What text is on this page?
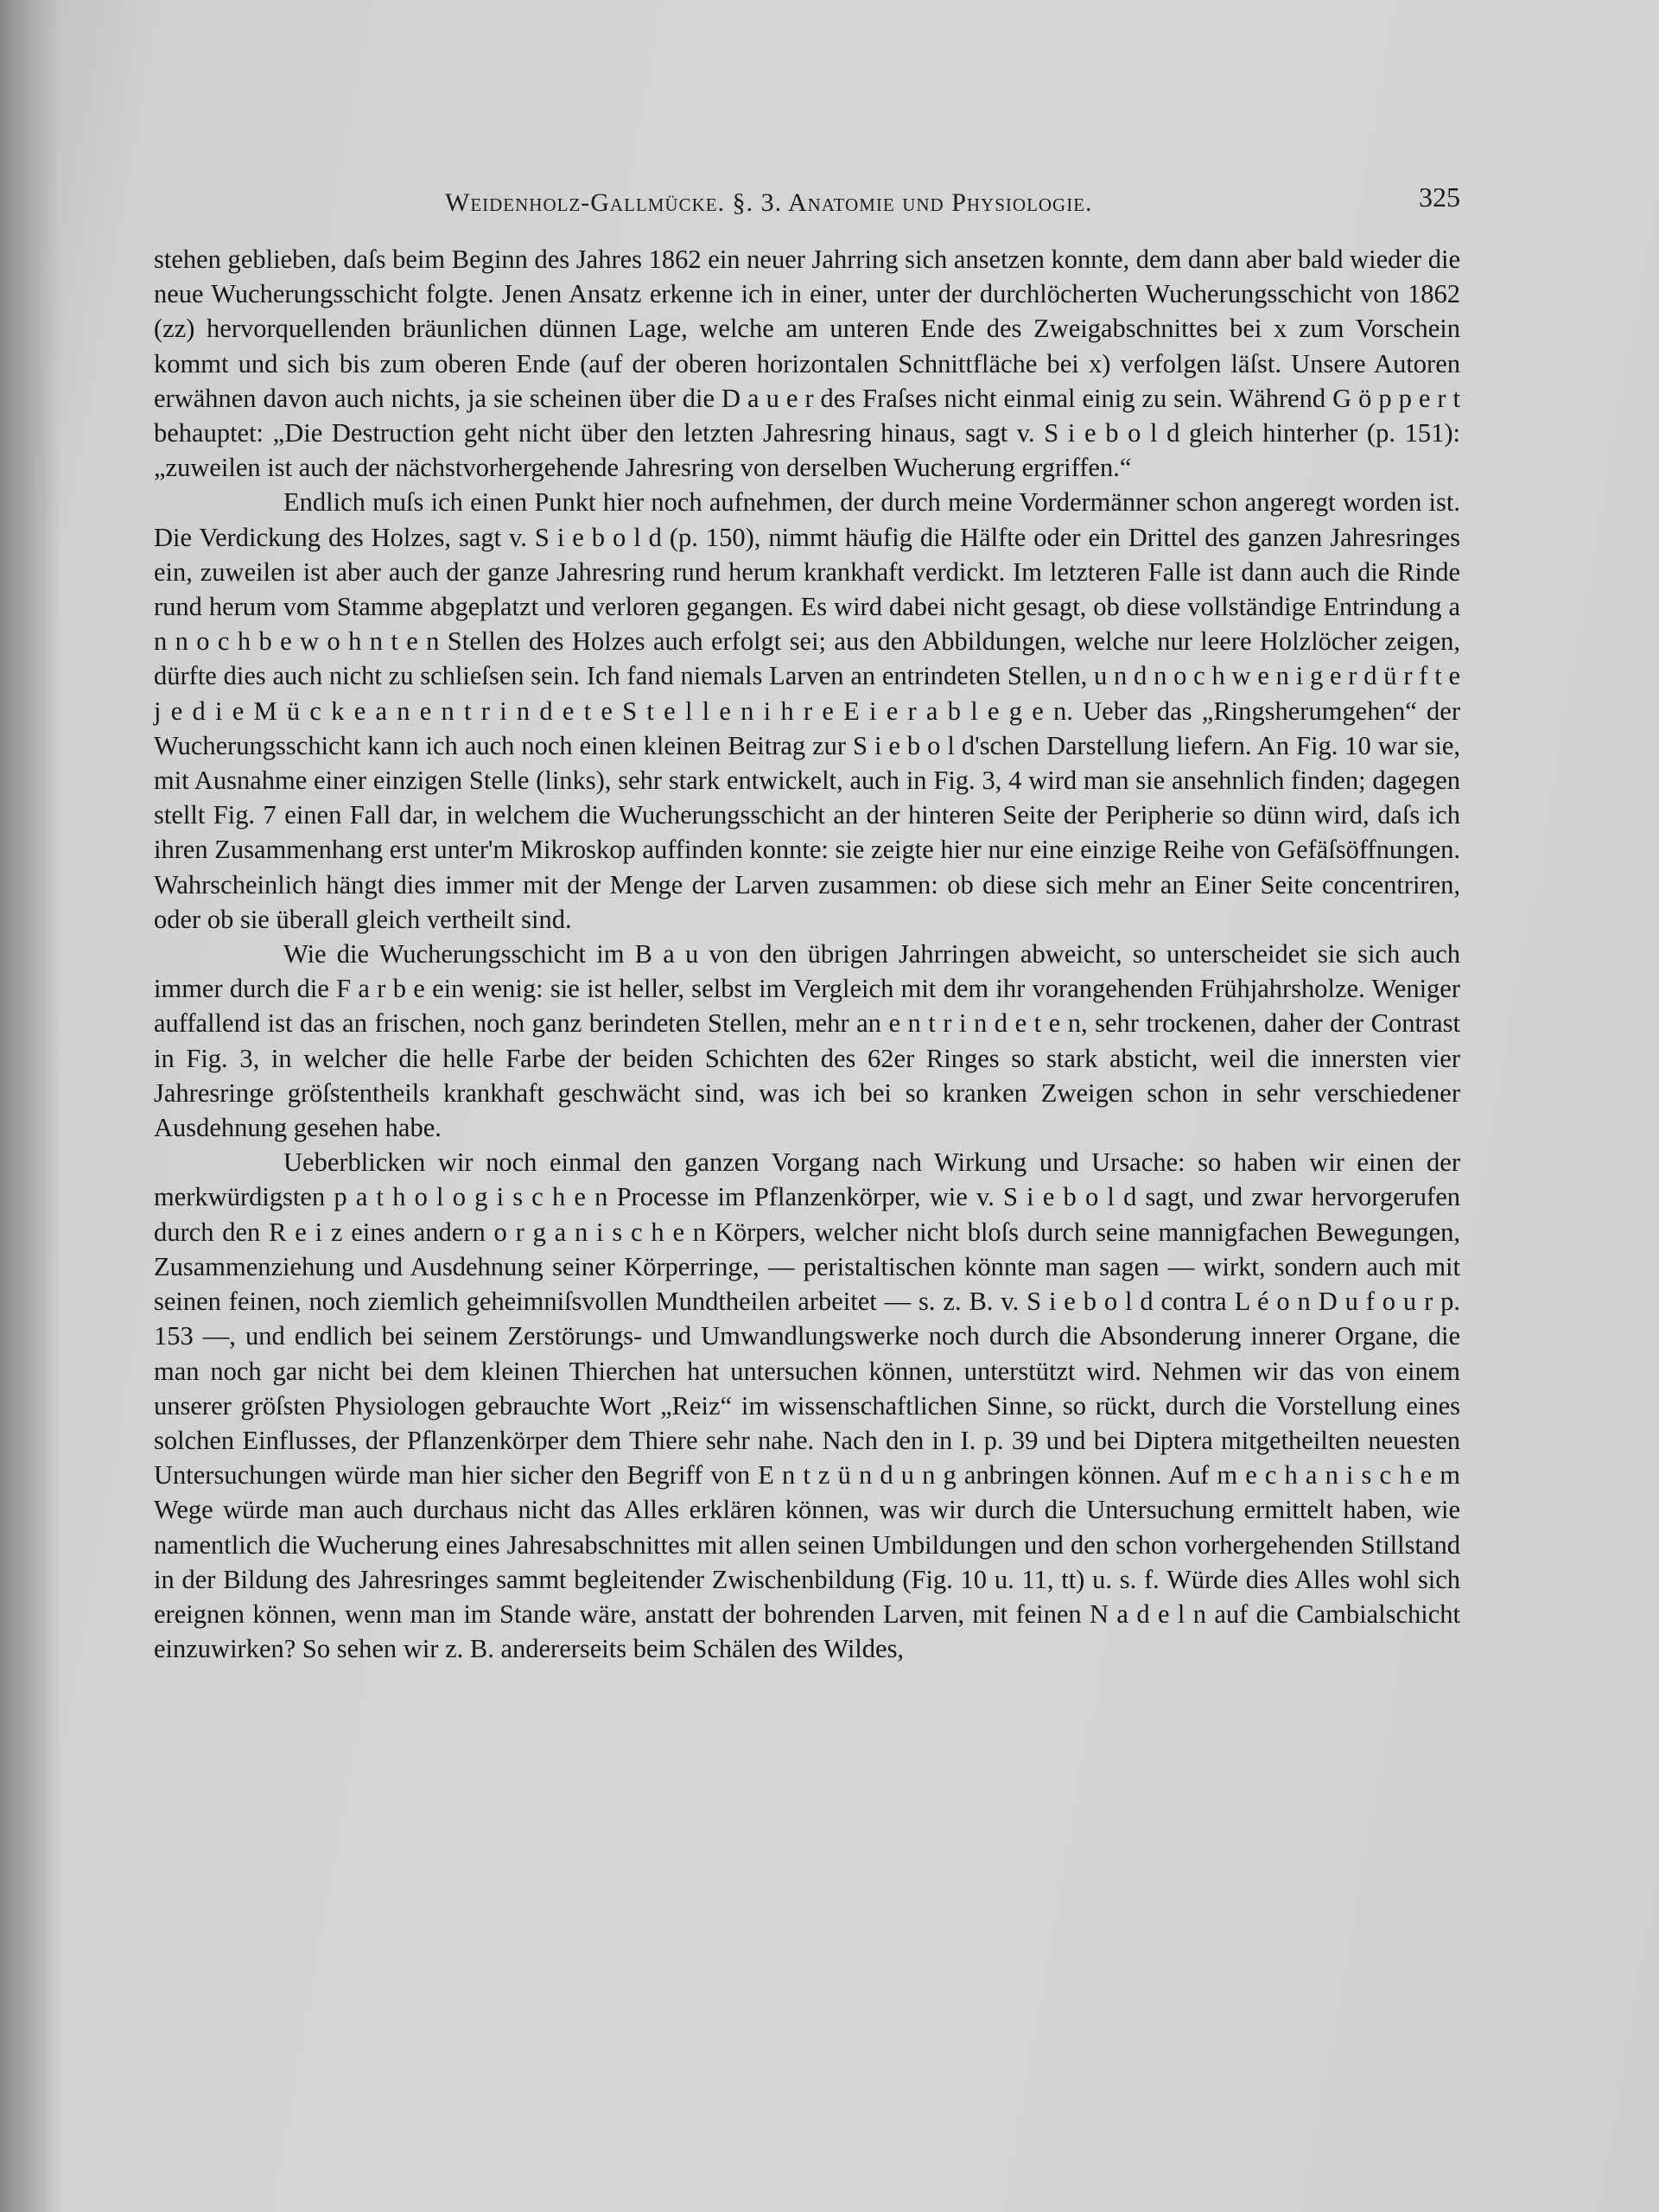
Weidenholz-Gallmücke. §. 3. Anatomie und Physiologie.	325

stehen geblieben, daſs beim Beginn des Jahres 1862 ein neuer Jahrring sich ansetzen konnte, dem dann aber bald wieder die neue Wucherungsschicht folgte. Jenen Ansatz erkenne ich in einer, unter der durchlöcherten Wucherungsschicht von 1862 (zz) hervorquellenden bräunlichen dünnen Lage, welche am unteren Ende des Zweigabschnittes bei x zum Vorschein kommt und sich bis zum oberen Ende (auf der oberen horizontalen Schnittfläche bei x) verfolgen läſst. Unsere Autoren erwähnen davon auch nichts, ja sie scheinen über die D a u e r des Fraſses nicht einmal einig zu sein. Während G ö p p e r t behauptet: „Die Destruction geht nicht über den letzten Jahresring hinaus, sagt v. S i e b o l d gleich hinterher (p. 151): „zuweilen ist auch der nächstvorhergehende Jahresring von derselben Wucherung ergriffen.“

Endlich muſs ich einen Punkt hier noch aufnehmen, der durch meine Vordermänner schon angeregt worden ist. Die Verdickung des Holzes, sagt v. S i e b o l d (p. 150), nimmt häufig die Hälfte oder ein Drittel des ganzen Jahresringes ein, zuweilen ist aber auch der ganze Jahresring rund herum krankhaft verdickt. Im letzteren Falle ist dann auch die Rinde rund herum vom Stamme abgeplatzt und verloren gegangen. Es wird dabei nicht gesagt, ob diese vollständige Entrindung a n n o c h b e w o h n t e n Stellen des Holzes auch erfolgt sei; aus den Abbildungen, welche nur leere Holzlöcher zeigen, dürfte dies auch nicht zu schlieſsen sein. Ich fand niemals Larven an entrindeten Stellen, u n d n o c h w e n i g e r d ü r f t e j e d i e M ü c k e a n e n t r i n d e t e S t e l l e n i h r e E i e r a b l e g e n. Ueber das „Ringsherumgehen“ der Wucherungsschicht kann ich auch noch einen kleinen Beitrag zur S i e b o l d'schen Darstellung liefern. An Fig. 10 war sie, mit Ausnahme einer einzigen Stelle (links), sehr stark entwickelt, auch in Fig. 3, 4 wird man sie ansehnlich finden; dagegen stellt Fig. 7 einen Fall dar, in welchem die Wucherungsschicht an der hinteren Seite der Peripherie so dünn wird, daſs ich ihren Zusammenhang erst unter'm Mikroskop auffinden konnte: sie zeigte hier nur eine einzige Reihe von Gefäſsöffnungen. Wahrscheinlich hängt dies immer mit der Menge der Larven zusammen: ob diese sich mehr an Einer Seite concentriren, oder ob sie überall gleich vertheilt sind.

Wie die Wucherungsschicht im B a u von den übrigen Jahrringen abweicht, so unterscheidet sie sich auch immer durch die F a r b e ein wenig: sie ist heller, selbst im Vergleich mit dem ihr vorangehenden Frühjahrsholze. Weniger auffallend ist das an frischen, noch ganz berindeten Stellen, mehr an e n t r i n d e t e n, sehr trockenen, daher der Contrast in Fig. 3, in welcher die helle Farbe der beiden Schichten des 62er Ringes so stark absticht, weil die innersten vier Jahresringe gröſstentheils krankhaft geschwächt sind, was ich bei so kranken Zweigen schon in sehr verschiedener Ausdehnung gesehen habe.

Ueberblicken wir noch einmal den ganzen Vorgang nach Wirkung und Ursache: so haben wir einen der merkwürdigsten p a t h o l o g i s c h e n Processe im Pflanzenkörper, wie v. S i e b o l d sagt, und zwar hervorgerufen durch den R e i z eines andern o r g a n i s c h e n Körpers, welcher nicht bloſs durch seine mannigfachen Bewegungen, Zusammenziehung und Ausdehnung seiner Körperringe, — peristaltischen könnte man sagen — wirkt, sondern auch mit seinen feinen, noch ziemlich geheimniſsvollen Mundtheilen arbeitet — s. z. B. v. S i e b o l d contra L é o n D u f o u r p. 153 —, und endlich bei seinem Zerstörungs- und Umwandlungswerke noch durch die Absonderung innerer Organe, die man noch gar nicht bei dem kleinen Thierchen hat untersuchen können, unterstützt wird. Nehmen wir das von einem unserer gröſsten Physiologen gebrauchte Wort „Reiz“ im wissenschaftlichen Sinne, so rückt, durch die Vorstellung eines solchen Einflusses, der Pflanzenkörper dem Thiere sehr nahe. Nach den in I. p. 39 und bei Diptera mitgetheilten neuesten Untersuchungen würde man hier sicher den Begriff von E n t z ü n d u n g anbringen können. Auf m e c h a n i s c h e m Wege würde man auch durchaus nicht das Alles erklären können, was wir durch die Untersuchung ermittelt haben, wie namentlich die Wucherung eines Jahresabschnittes mit allen seinen Umbildungen und den schon vorhergehenden Stillstand in der Bildung des Jahresringes sammt begleitender Zwischenbildung (Fig. 10 u. 11, tt) u. s. f. Würde dies Alles wohl sich ereignen können, wenn man im Stande wäre, anstatt der bohrenden Larven, mit feinen N a d e l n auf die Cambialschicht einzuwirken? So sehen wir z. B. andererseits beim Schälen des Wildes,
